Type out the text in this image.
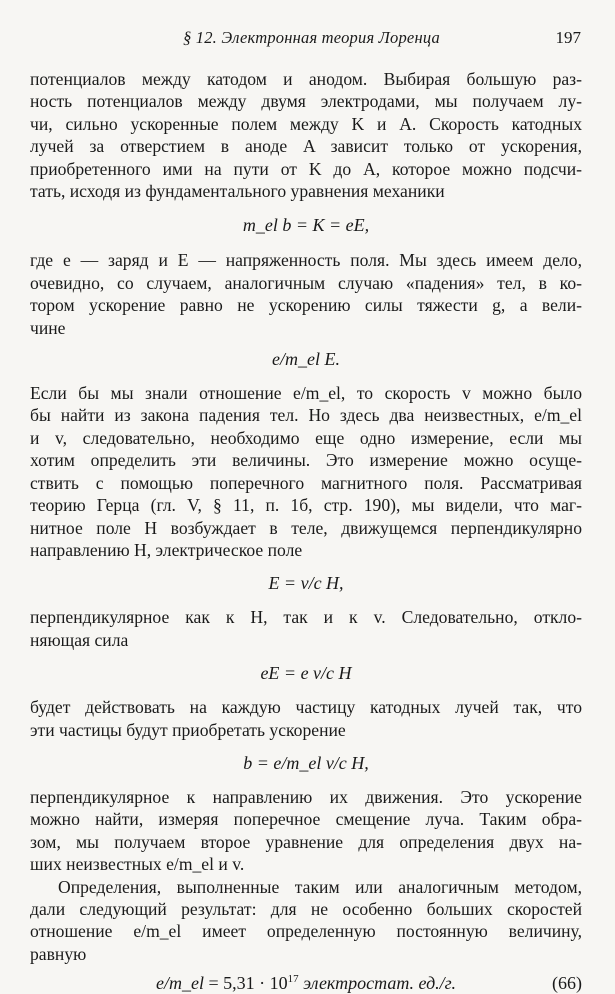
§ 12. Электронная теория Лоренца	197

потенциалов между катодом и анодом. Выбирая большую раз-
ность потенциалов между двумя электродами, мы получаем лу-
чи, сильно ускоренные полем между K и A. Скорость катодных
лучей за отверстием в аноде A зависит только от ускорения,
приобретенного ими на пути от K до A, которое можно подсчи-
тать, исходя из фундаментального уравнения механики

m_el b = K = eE,

где e — заряд и E — напряженность поля. Мы здесь имеем дело,
очевидно, со случаем, аналогичным случаю «падения» тел, в ко-
тором ускорение равно не ускорению силы тяжести g, а вели-
чине

e/m_el E.

Если бы мы знали отношение e/m_el, то скорость v можно было
бы найти из закона падения тел. Но здесь два неизвестных, e/m_el
и v, следовательно, необходимо еще одно измерение, если мы
хотим определить эти величины. Это измерение можно осуще-
ствить с помощью поперечного магнитного поля. Рассматривая
теорию Герца (гл. V, § 11, п. 1б, стр. 190), мы видели, что маг-
нитное поле H возбуждает в теле, движущемся перпендикулярно
направлению H, электрическое поле

E = v/c H,

перпендикулярное как к H, так и к v. Следовательно, откло-
няющая сила

eE = e v/c H

будет действовать на каждую частицу катодных лучей так, что
эти частицы будут приобретать ускорение

b = e/m_el v/c H,

перпендикулярное к направлению их движения. Это ускорение
можно найти, измеряя поперечное смещение луча. Таким обра-
зом, мы получаем второе уравнение для определения двух на-
ших неизвестных e/m_el и v.

Определения, выполненные таким или аналогичным методом,
дали следующий результат: для не особенно больших скоростей
отношение e/m_el имеет определенную постоянную величину,
равную

e/m_el = $5,31 \cdot 10^{17}$ электростат. ед./г.	(66)
